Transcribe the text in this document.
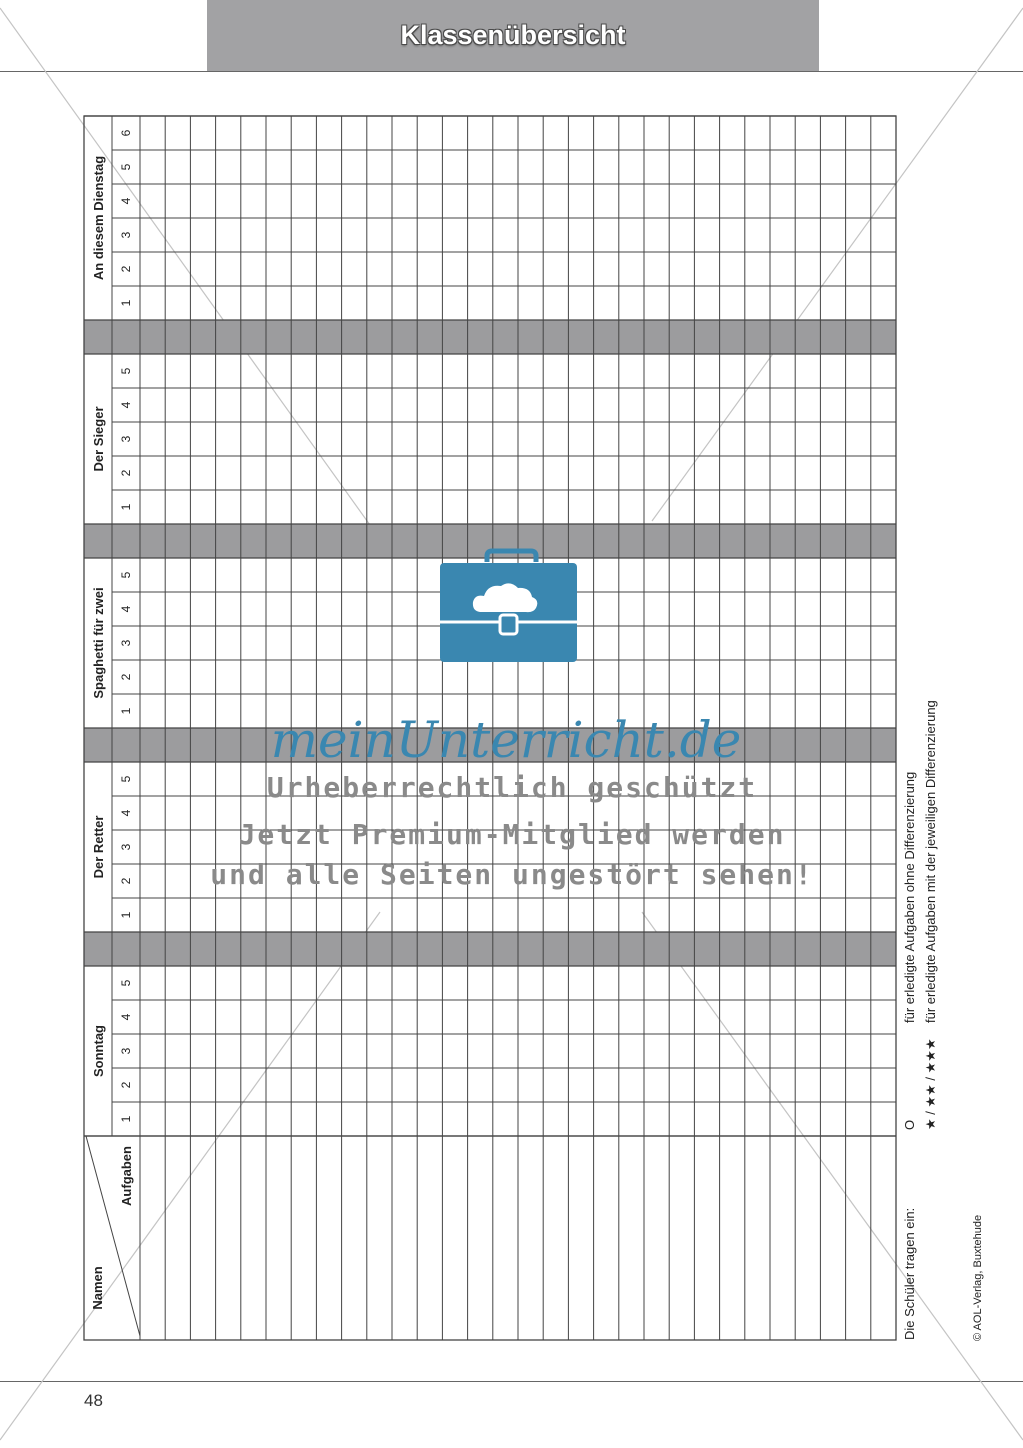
Klassenübersicht
48
Sonntag
1
2
3
4
5
Der Retter
1
2
3
4
5
Spaghetti für zwei
1
2
3
4
5
Der Sieger
1
2
3
4
5
An diesem Dienstag
1
2
3
4
5
6
Namen
Aufgaben
Die Schüler tragen ein:
O
für erledigte Aufgaben ohne Differenzierung
★ / ★★ / ★★★
für erledigte Aufgaben mit der jeweiligen Differenzierung
© AOL-Verlag, Buxtehude
meinUnterricht.de
Urheberrechtlich geschützt
Jetzt Premium-Mitglied werden
und alle Seiten ungestört sehen!
